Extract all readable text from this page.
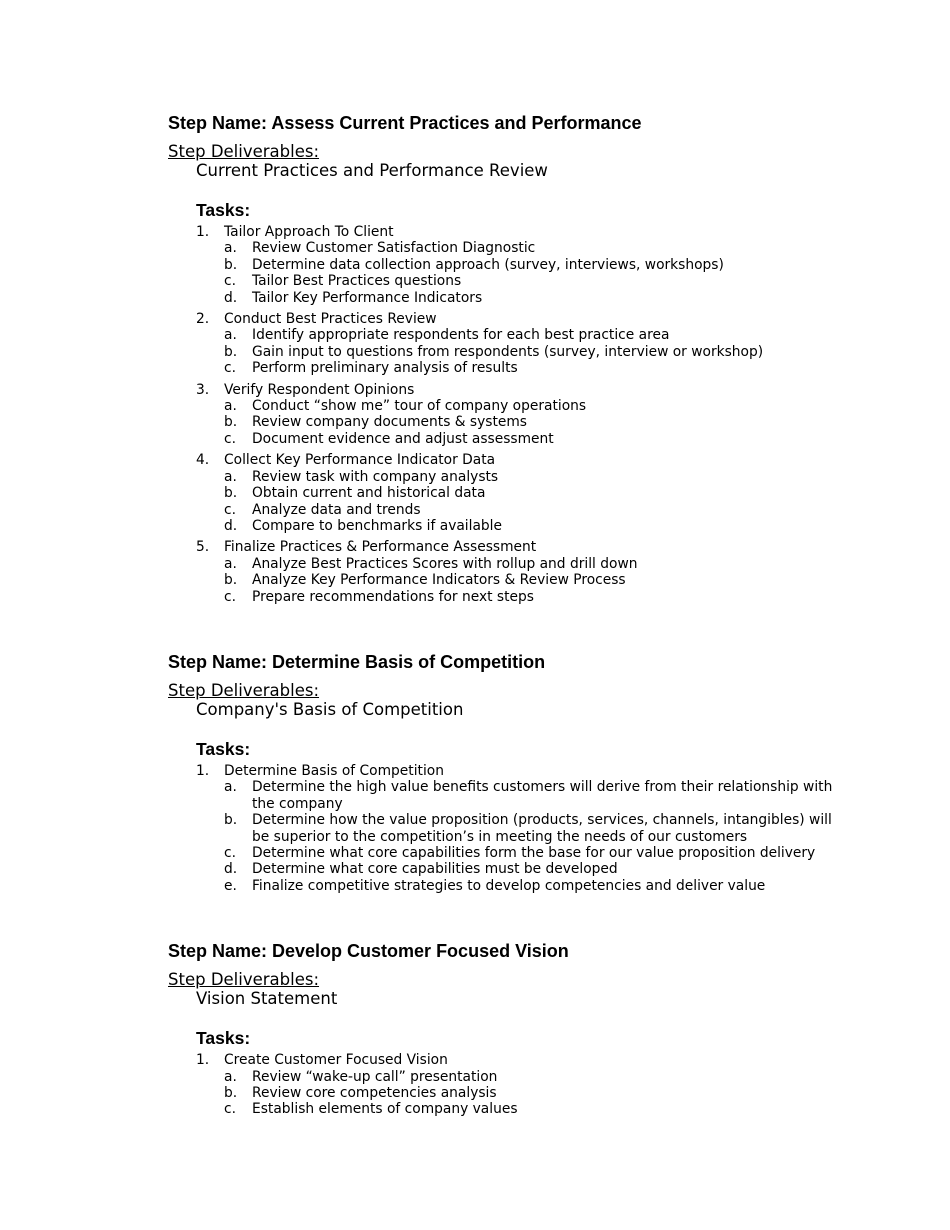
Step Name: Assess Current Practices and Performance
Step Deliverables:
Current Practices and Performance Review
Tasks:
1.	Tailor Approach To Client
a.	Review Customer Satisfaction Diagnostic
b.	Determine data collection approach (survey, interviews, workshops)
c.	Tailor Best Practices questions
d.	Tailor Key Performance Indicators
2.	Conduct Best Practices Review
a.	Identify appropriate respondents for each best practice area
b.	Gain input to questions from respondents (survey, interview or workshop)
c.	Perform preliminary analysis of results
3.	Verify Respondent Opinions
a.	Conduct “show me” tour of company operations
b.	Review company documents & systems
c.	Document evidence and adjust assessment
4.	Collect Key Performance Indicator Data
a.	Review task with company analysts
b.	Obtain current and historical data
c.	Analyze data and trends
d.	Compare to benchmarks if available
5.	Finalize Practices & Performance Assessment
a.	Analyze Best Practices Scores with rollup and drill down
b.	Analyze Key Performance Indicators & Review Process
c.	Prepare recommendations for next steps
Step Name: Determine Basis of Competition
Step Deliverables:
Company's Basis of Competition
Tasks:
1.	Determine Basis of Competition
a.	Determine the high value benefits customers will derive from their relationship with the company
b.	Determine how the value proposition (products, services, channels, intangibles) will be superior to the competition’s in meeting the needs of our customers
c.	Determine what core capabilities form the base for our value proposition delivery
d.	Determine what core capabilities must be developed
e.	Finalize competitive strategies to develop competencies and deliver value
Step Name: Develop Customer Focused Vision
Step Deliverables:
Vision Statement
Tasks:
1.	Create Customer Focused Vision
a.	Review “wake-up call” presentation
b.	Review core competencies analysis
c.	Establish elements of company values
